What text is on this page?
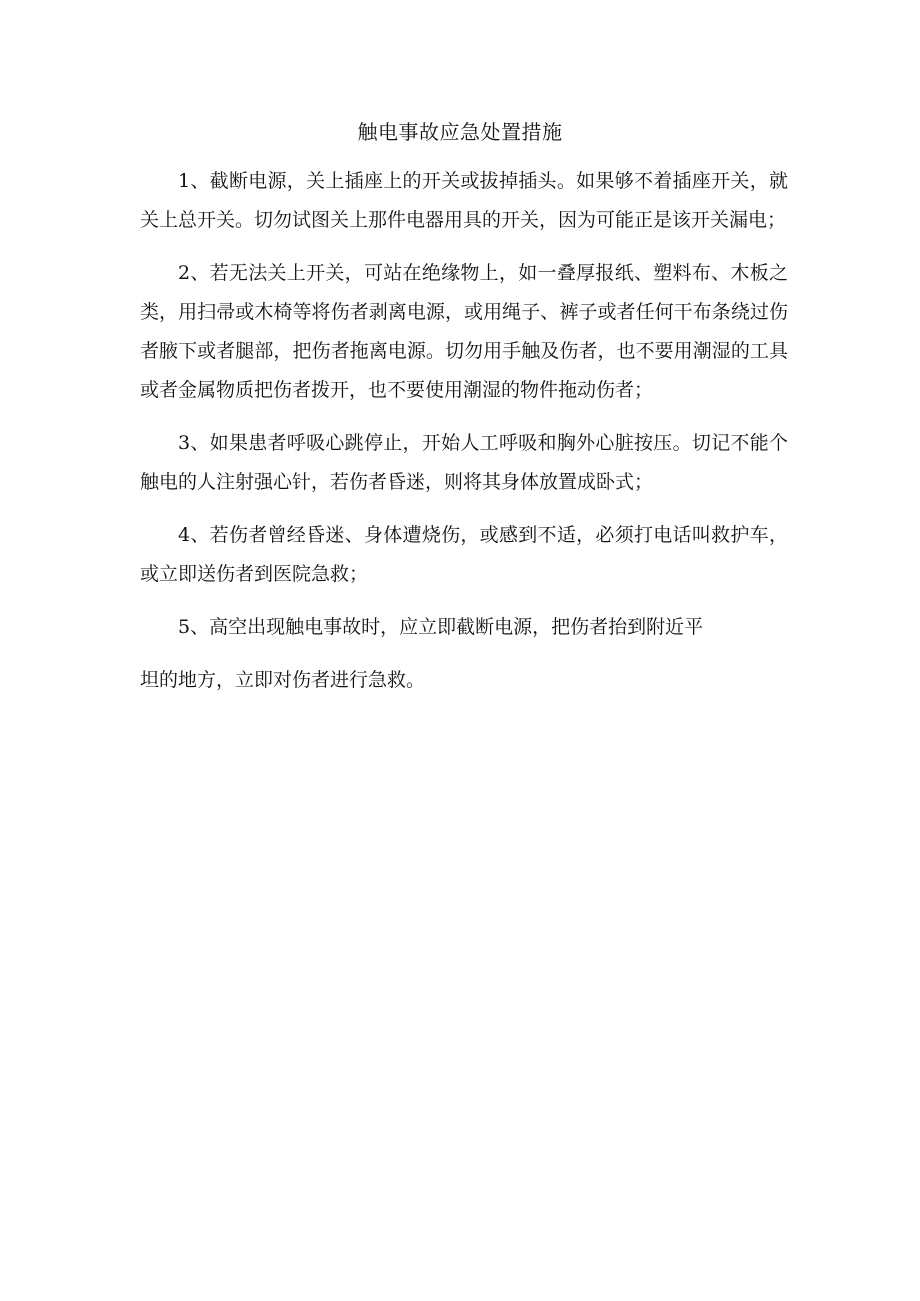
触电事故应急处置措施

1、截断电源，关上插座上的开关或拔掉插头。如果够不着插座开关，就关上总开关。切勿试图关上那件电器用具的开关，因为可能正是该开关漏电；

2、若无法关上开关，可站在绝缘物上，如一叠厚报纸、塑料布、木板之类，用扫帚或木椅等将伤者剥离电源，或用绳子、裤子或者任何干布条绕过伤者腋下或者腿部，把伤者拖离电源。切勿用手触及伤者，也不要用潮湿的工具或者金属物质把伤者拨开，也不要使用潮湿的物件拖动伤者；

3、如果患者呼吸心跳停止，开始人工呼吸和胸外心脏按压。切记不能个触电的人注射强心针，若伤者昏迷，则将其身体放置成卧式；

4、若伤者曾经昏迷、身体遭烧伤，或感到不适，必须打电话叫救护车，或立即送伤者到医院急救；

5、高空出现触电事故时，应立即截断电源，把伤者抬到附近平
坦的地方，立即对伤者进行急救。
